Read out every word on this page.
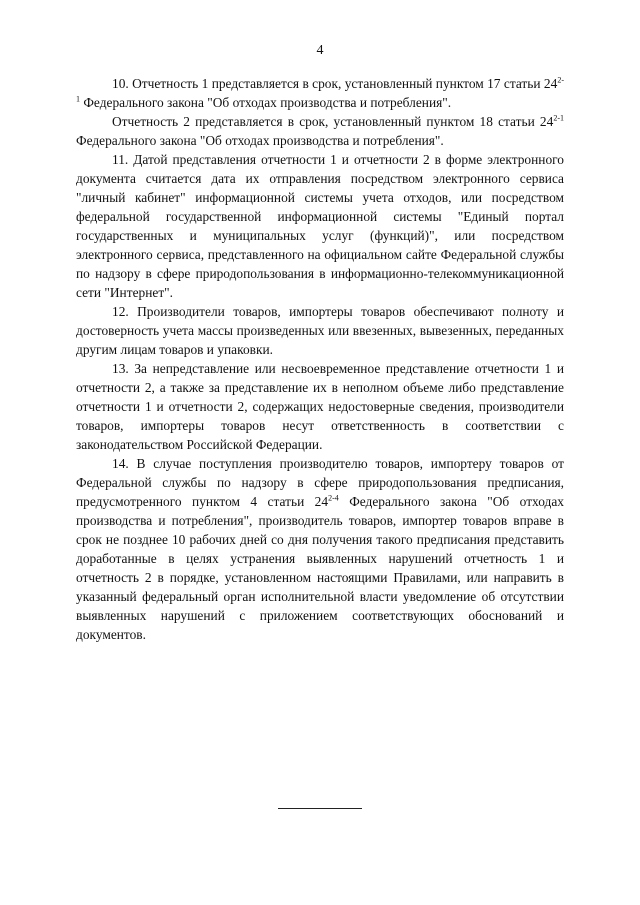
4

10. Отчетность 1 представляется в срок, установленный пунктом 17 статьи 24$^{2-1}$ Федерального закона "Об отходах производства и потребления".

Отчетность 2 представляется в срок, установленный пунктом 18 статьи 24$^{2-1}$ Федерального закона "Об отходах производства и потребления".

11. Датой представления отчетности 1 и отчетности 2 в форме электронного документа считается дата их отправления посредством электронного сервиса "личный кабинет" информационной системы учета отходов, или посредством федеральной государственной информационной системы "Единый портал государственных и муниципальных услуг (функций)", или посредством электронного сервиса, представленного на официальном сайте Федеральной службы по надзору в сфере природопользования в информационно-телекоммуникационной сети "Интернет".

12. Производители товаров, импортеры товаров обеспечивают полноту и достоверность учета массы произведенных или ввезенных, вывезенных, переданных другим лицам товаров и упаковки.

13. За непредставление или несвоевременное представление отчетности 1 и отчетности 2, а также за представление их в неполном объеме либо представление отчетности 1 и отчетности 2, содержащих недостоверные сведения, производители товаров, импортеры товаров несут ответственность в соответствии с законодательством Российской Федерации.

14. В случае поступления производителю товаров, импортеру товаров от Федеральной службы по надзору в сфере природопользования предписания, предусмотренного пунктом 4 статьи 24$^{2-4}$ Федерального закона "Об отходах производства и потребления", производитель товаров, импортер товаров вправе в срок не позднее 10 рабочих дней со дня получения такого предписания представить доработанные в целях устранения выявленных нарушений отчетность 1 и отчетность 2 в порядке, установленном настоящими Правилами, или направить в указанный федеральный орган исполнительной власти уведомление об отсутствии выявленных нарушений с приложением соответствующих обоснований и документов.
